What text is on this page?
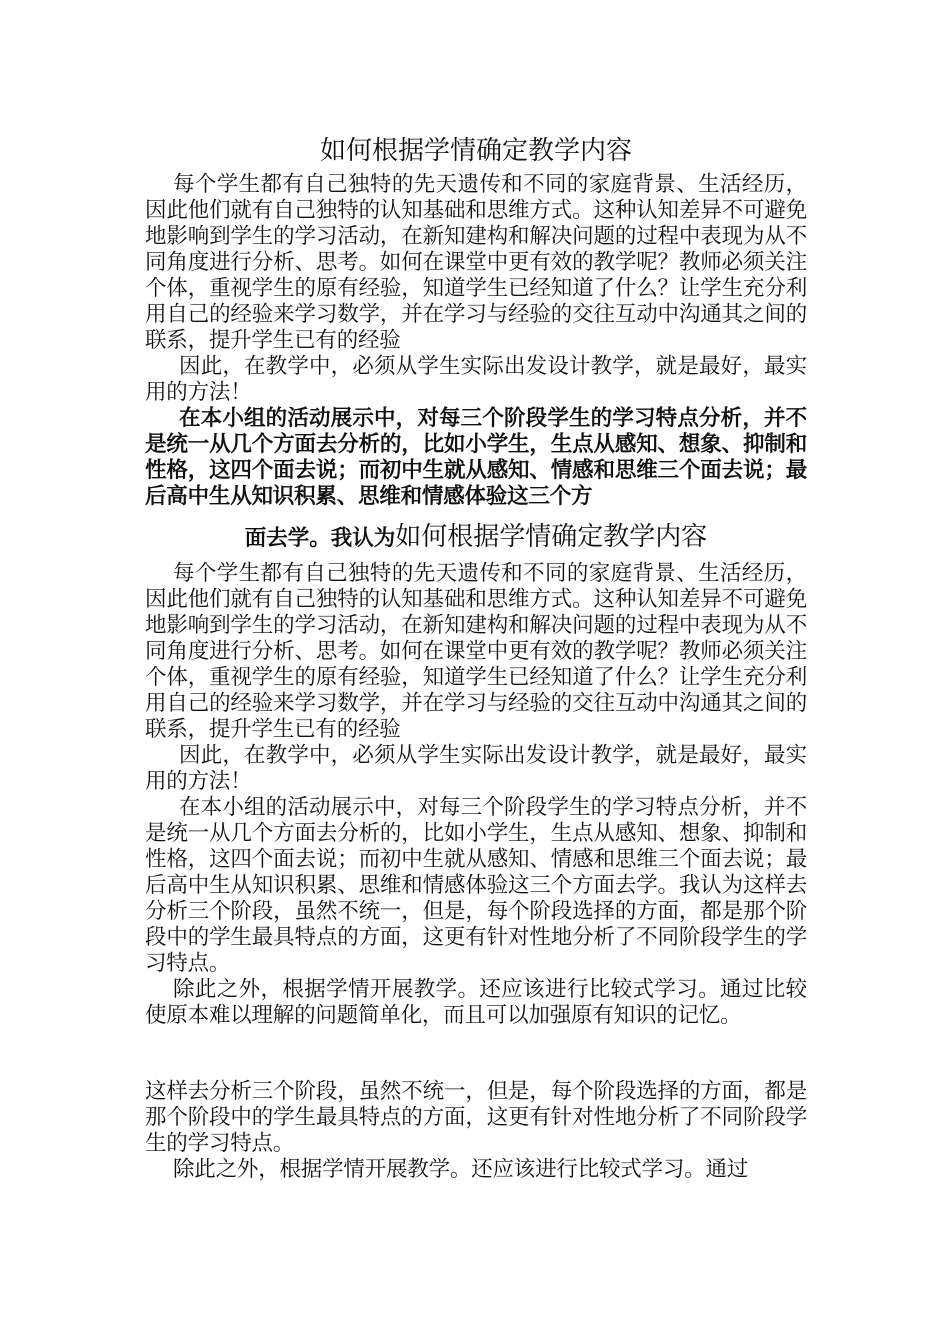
如何根据学情确定教学内容

每个学生都有自己独特的先天遗传和不同的家庭背景、生活经历，因此他们就有自己独特的认知基础和思维方式。这种认知差异不可避免地影响到学生的学习活动，在新知建构和解决问题的过程中表现为从不同角度进行分析、思考。如何在课堂中更有效的教学呢？教师必须关注个体，重视学生的原有经验，知道学生已经知道了什么？让学生充分利用自己的经验来学习数学，并在学习与经验的交往互动中沟通其之间的联系，提升学生已有的经验

因此，在教学中，必须从学生实际出发设计教学，就是最好，最实用的方法！

在本小组的活动展示中，对每三个阶段学生的学习特点分析，并不是统一从几个方面去分析的，比如小学生，生点从感知、想象、抑制和性格，这四个面去说；而初中生就从感知、情感和思维三个面去说；最后高中生从知识积累、思维和情感体验这三个方

面去学。我认为如何根据学情确定教学内容

每个学生都有自己独特的先天遗传和不同的家庭背景、生活经历，因此他们就有自己独特的认知基础和思维方式。这种认知差异不可避免地影响到学生的学习活动，在新知建构和解决问题的过程中表现为从不同角度进行分析、思考。如何在课堂中更有效的教学呢？教师必须关注个体，重视学生的原有经验，知道学生已经知道了什么？让学生充分利用自己的经验来学习数学，并在学习与经验的交往互动中沟通其之间的联系，提升学生已有的经验

因此，在教学中，必须从学生实际出发设计教学，就是最好，最实用的方法！

在本小组的活动展示中，对每三个阶段学生的学习特点分析，并不是统一从几个方面去分析的，比如小学生，生点从感知、想象、抑制和性格，这四个面去说；而初中生就从感知、情感和思维三个面去说；最后高中生从知识积累、思维和情感体验这三个方面去学。我认为这样去分析三个阶段，虽然不统一，但是，每个阶段选择的方面，都是那个阶段中的学生最具特点的方面，这更有针对性地分析了不同阶段学生的学习特点。

除此之外，根据学情开展教学。还应该进行比较式学习。通过比较使原本难以理解的问题简单化，而且可以加强原有知识的记忆。

这样去分析三个阶段，虽然不统一，但是，每个阶段选择的方面，都是那个阶段中的学生最具特点的方面，这更有针对性地分析了不同阶段学生的学习特点。

除此之外，根据学情开展教学。还应该进行比较式学习。通过
